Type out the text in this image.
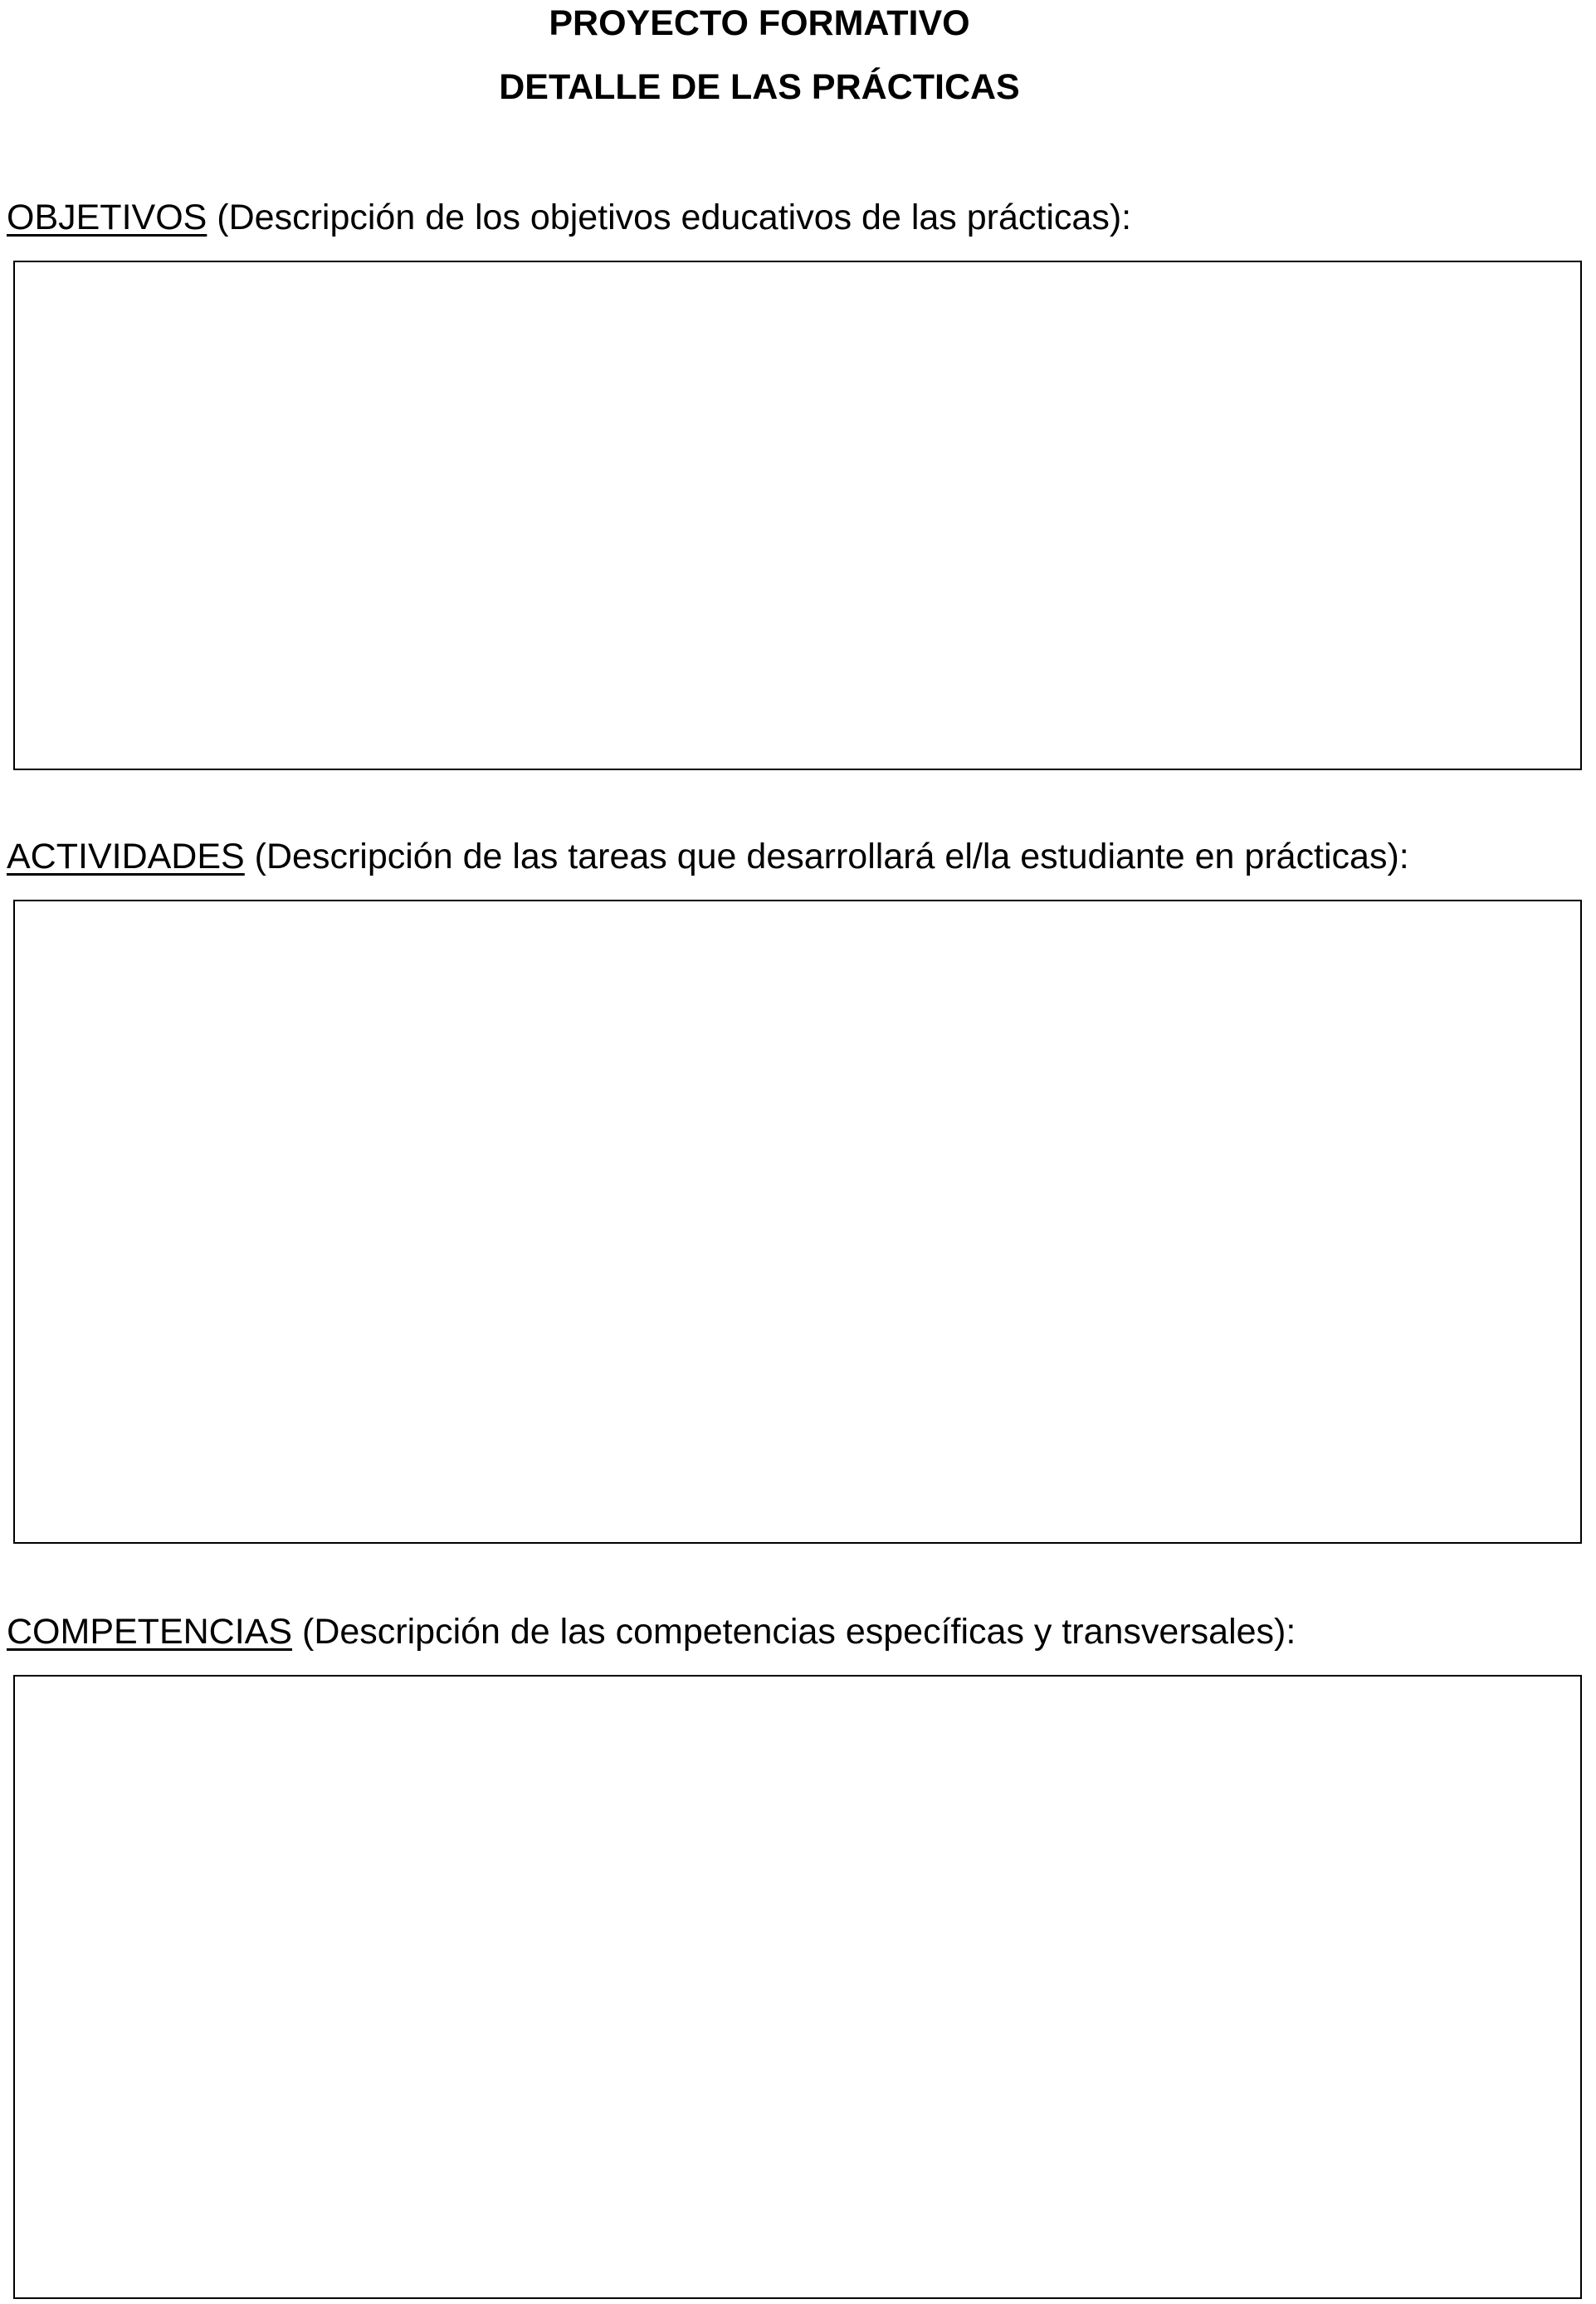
PROYECTO FORMATIVO
DETALLE DE LAS PRÁCTICAS
OBJETIVOS (Descripción de los objetivos educativos de las prácticas):
ACTIVIDADES (Descripción de las tareas que desarrollará el/la estudiante en prácticas):
COMPETENCIAS (Descripción de las competencias específicas y transversales):
